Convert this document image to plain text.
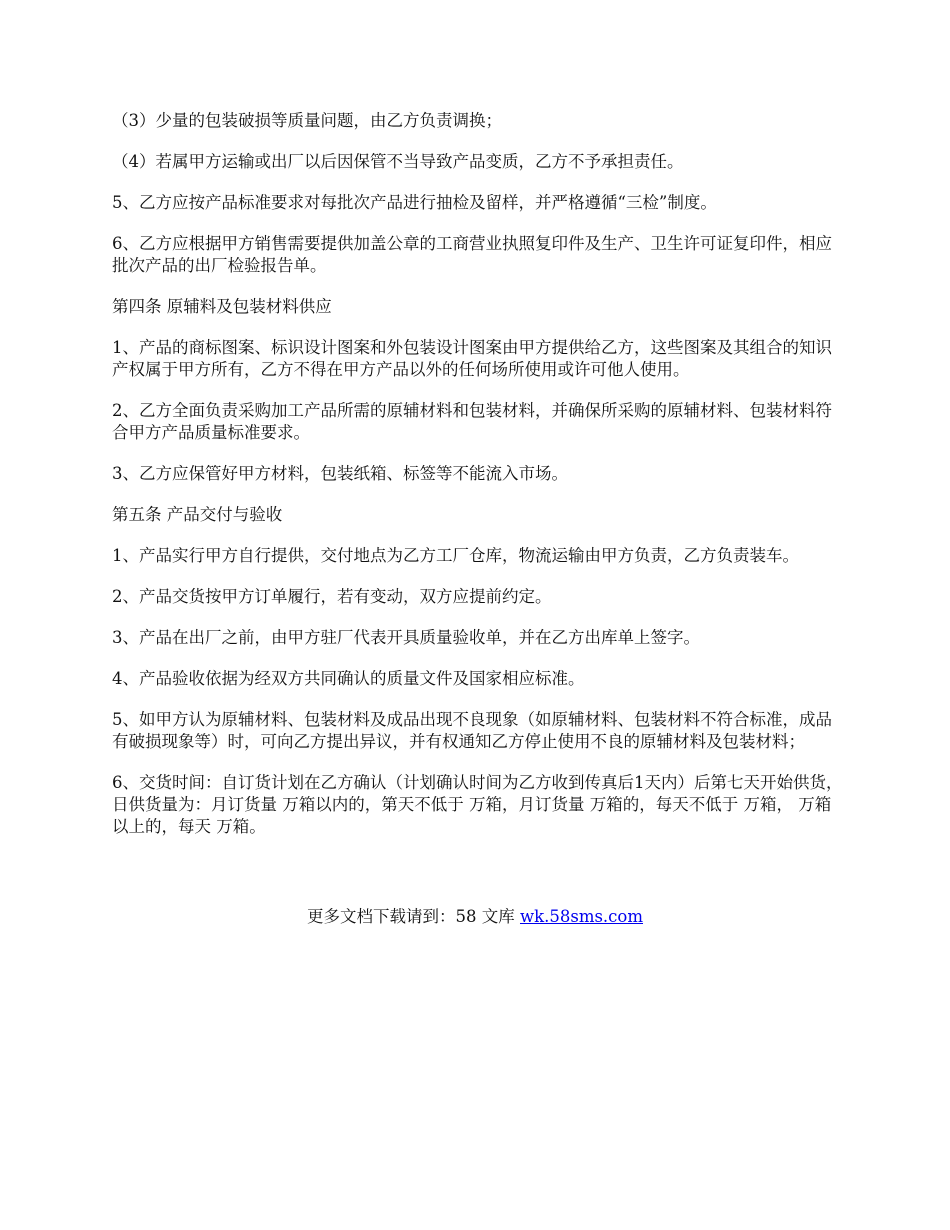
（3）少量的包装破损等质量问题，由乙方负责调换；

（4）若属甲方运输或出厂以后因保管不当导致产品变质，乙方不予承担责任。

5、乙方应按产品标准要求对每批次产品进行抽检及留样，并严格遵循“三检”制度。

6、乙方应根据甲方销售需要提供加盖公章的工商营业执照复印件及生产、卫生许可证复印件，相应批次产品的出厂检验报告单。

第四条 原辅料及包装材料供应

1、产品的商标图案、标识设计图案和外包装设计图案由甲方提供给乙方，这些图案及其组合的知识产权属于甲方所有，乙方不得在甲方产品以外的任何场所使用或许可他人使用。

2、乙方全面负责采购加工产品所需的原辅材料和包装材料，并确保所采购的原辅材料、包装材料符合甲方产品质量标准要求。

3、乙方应保管好甲方材料，包装纸箱、标签等不能流入市场。

第五条 产品交付与验收

1、产品实行甲方自行提供，交付地点为乙方工厂仓库，物流运输由甲方负责，乙方负责装车。

2、产品交货按甲方订单履行，若有变动，双方应提前约定。

3、产品在出厂之前，由甲方驻厂代表开具质量验收单，并在乙方出库单上签字。

4、产品验收依据为经双方共同确认的质量文件及国家相应标准。

5、如甲方认为原辅材料、包装材料及成品出现不良现象（如原辅材料、包装材料不符合标准，成品有破损现象等）时，可向乙方提出异议，并有权通知乙方停止使用不良的原辅材料及包装材料；

6、交货时间：自订货计划在乙方确认（计划确认时间为乙方收到传真后1天内）后第七天开始供货，日供货量为：月订货量 万箱以内的，第天不低于 万箱，月订货量 万箱的，每天不低于 万箱， 万箱以上的，每天 万箱。

更多文档下载请到：58 文库 wk.58sms.com
